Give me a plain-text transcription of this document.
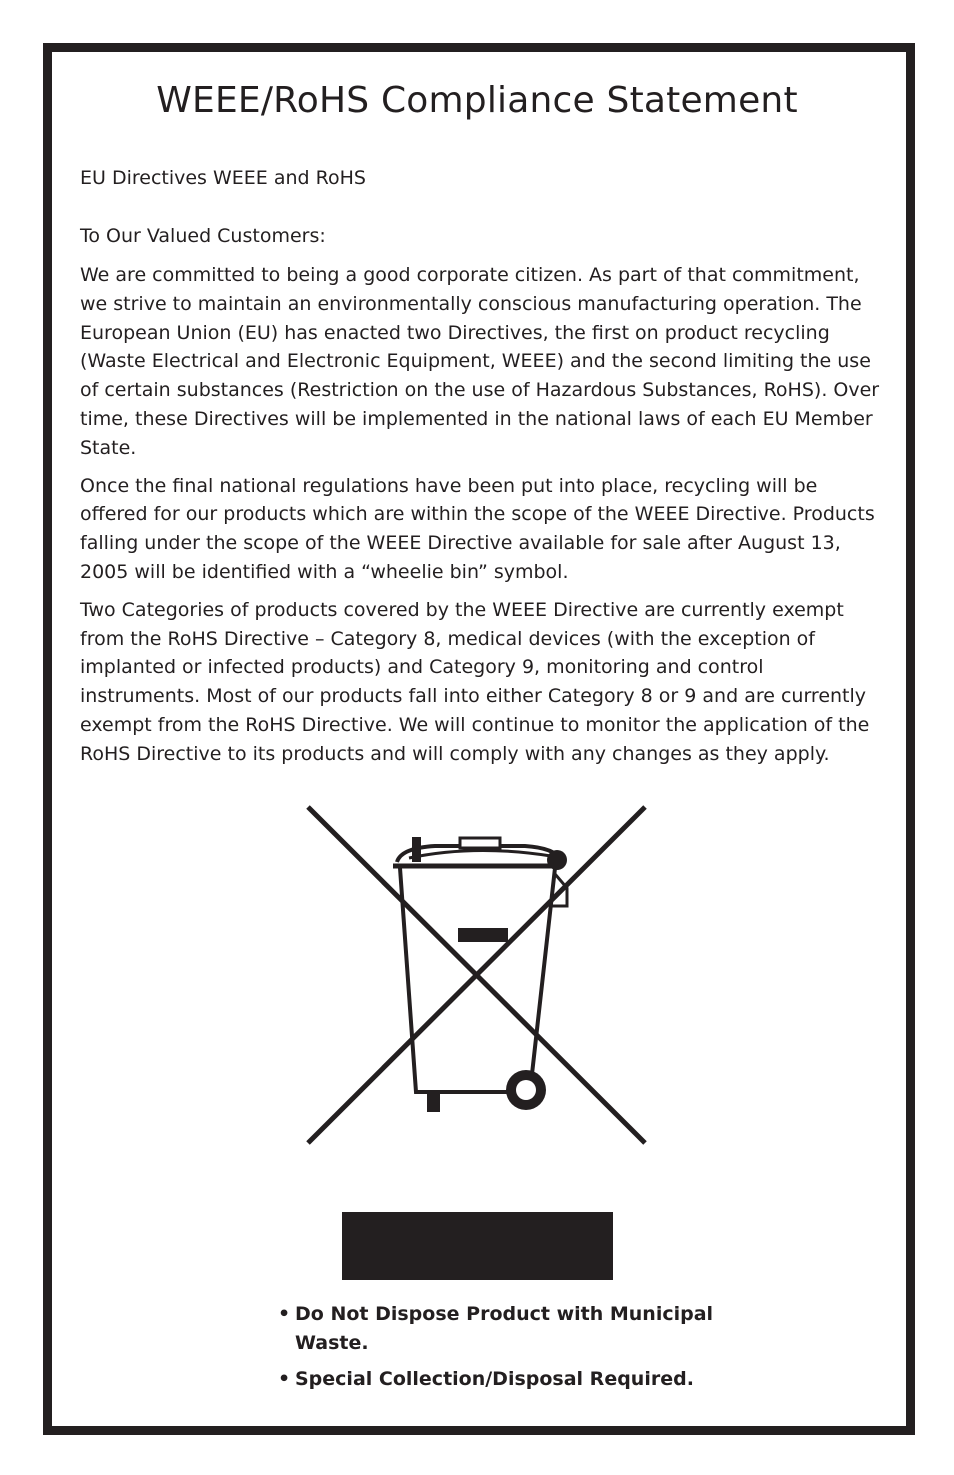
WEEE/RoHS Compliance Statement

EU Directives WEEE and RoHS

To Our Valued Customers:

We are committed to being a good corporate citizen. As part of that commitment, we strive to maintain an environmentally conscious manufacturing operation. The European Union (EU) has enacted two Directives, the first on product recycling (Waste Electrical and Electronic Equipment, WEEE) and the second limiting the use of certain substances (Restriction on the use of Hazardous Substances, RoHS). Over time, these Directives will be implemented in the national laws of each EU Member State.

Once the final national regulations have been put into place, recycling will be offered for our products which are within the scope of the WEEE Directive. Products falling under the scope of the WEEE Directive available for sale after August 13, 2005 will be identified with a “wheelie bin” symbol.

Two Categories of products covered by the WEEE Directive are currently exempt from the RoHS Directive – Category 8, medical devices (with the exception of implanted or infected products) and Category 9, monitoring and control instruments. Most of our products fall into either Category 8 or 9 and are currently exempt from the RoHS Directive. We will continue to monitor the application of the RoHS Directive to its products and will comply with any changes as they apply.

• Do Not Dispose Product with Municipal Waste.
• Special Collection/Disposal Required.
